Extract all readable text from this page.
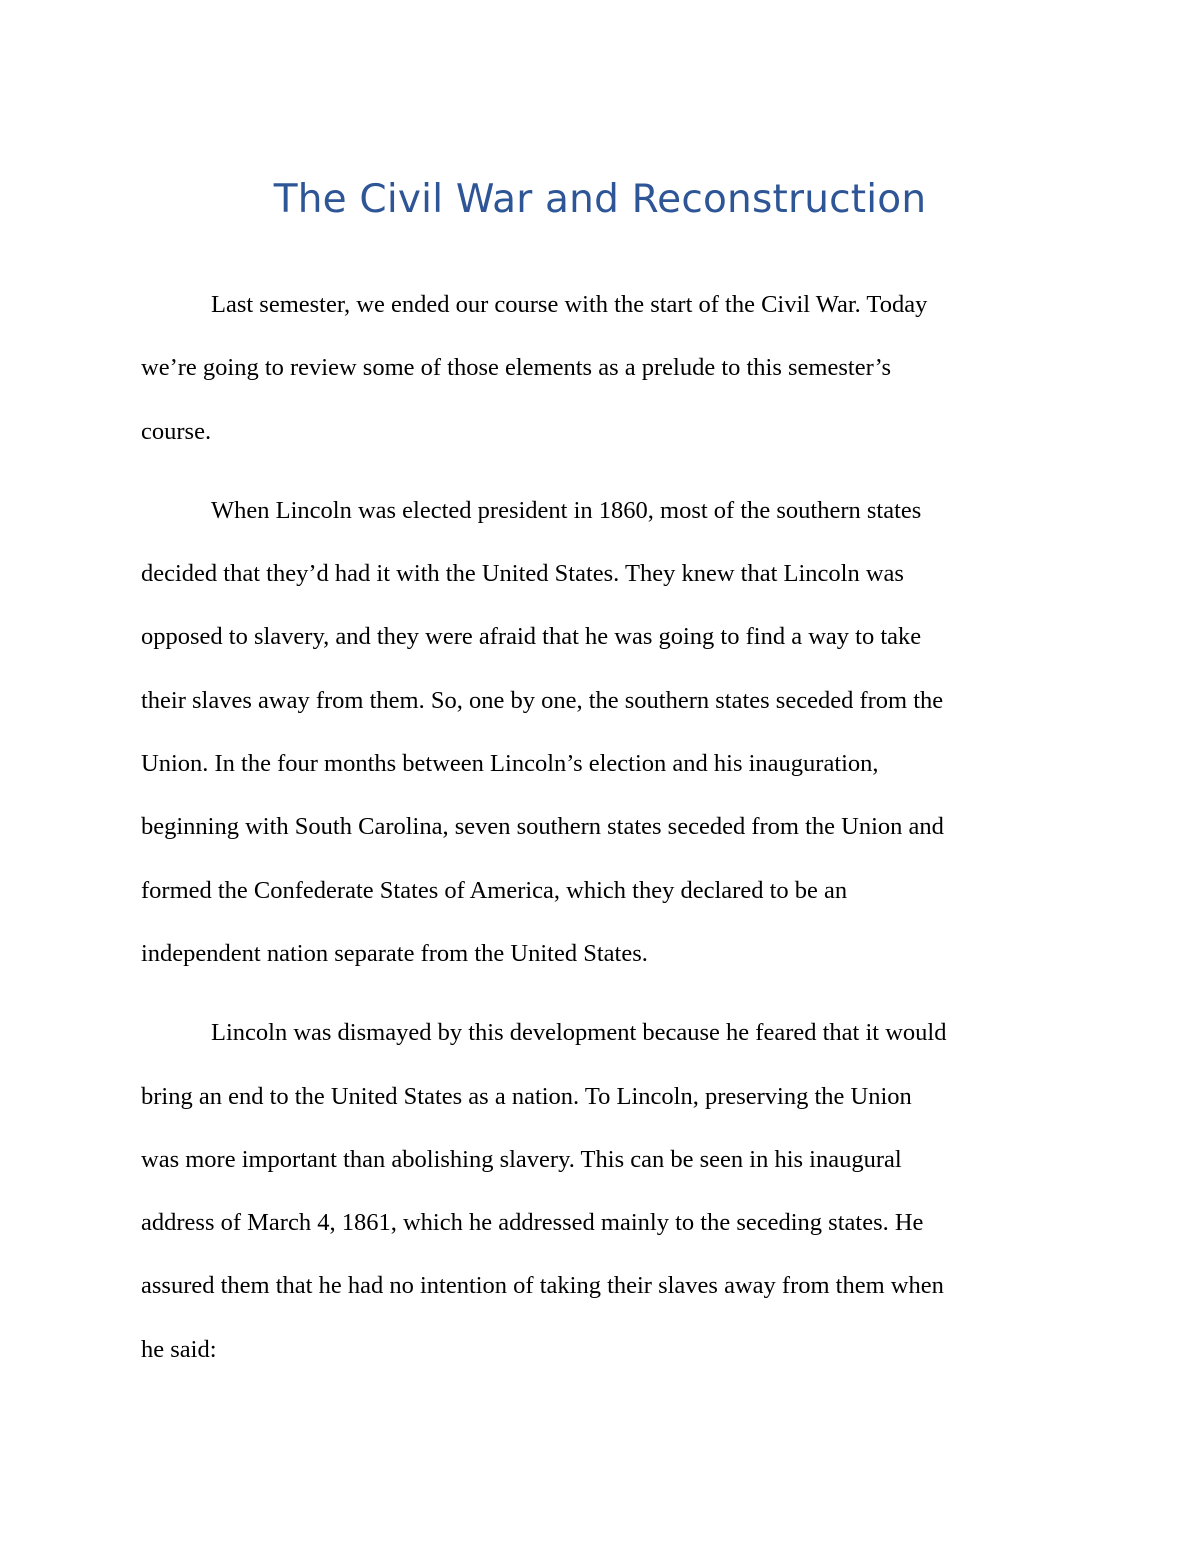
The Civil War and Reconstruction

Last semester, we ended our course with the start of the Civil War. Today
we’re going to review some of those elements as a prelude to this semester’s
course.

When Lincoln was elected president in 1860, most of the southern states
decided that they’d had it with the United States. They knew that Lincoln was
opposed to slavery, and they were afraid that he was going to find a way to take
their slaves away from them. So, one by one, the southern states seceded from the
Union. In the four months between Lincoln’s election and his inauguration,
beginning with South Carolina, seven southern states seceded from the Union and
formed the Confederate States of America, which they declared to be an
independent nation separate from the United States.

Lincoln was dismayed by this development because he feared that it would
bring an end to the United States as a nation. To Lincoln, preserving the Union
was more important than abolishing slavery. This can be seen in his inaugural
address of March 4, 1861, which he addressed mainly to the seceding states. He
assured them that he had no intention of taking their slaves away from them when
he said:
